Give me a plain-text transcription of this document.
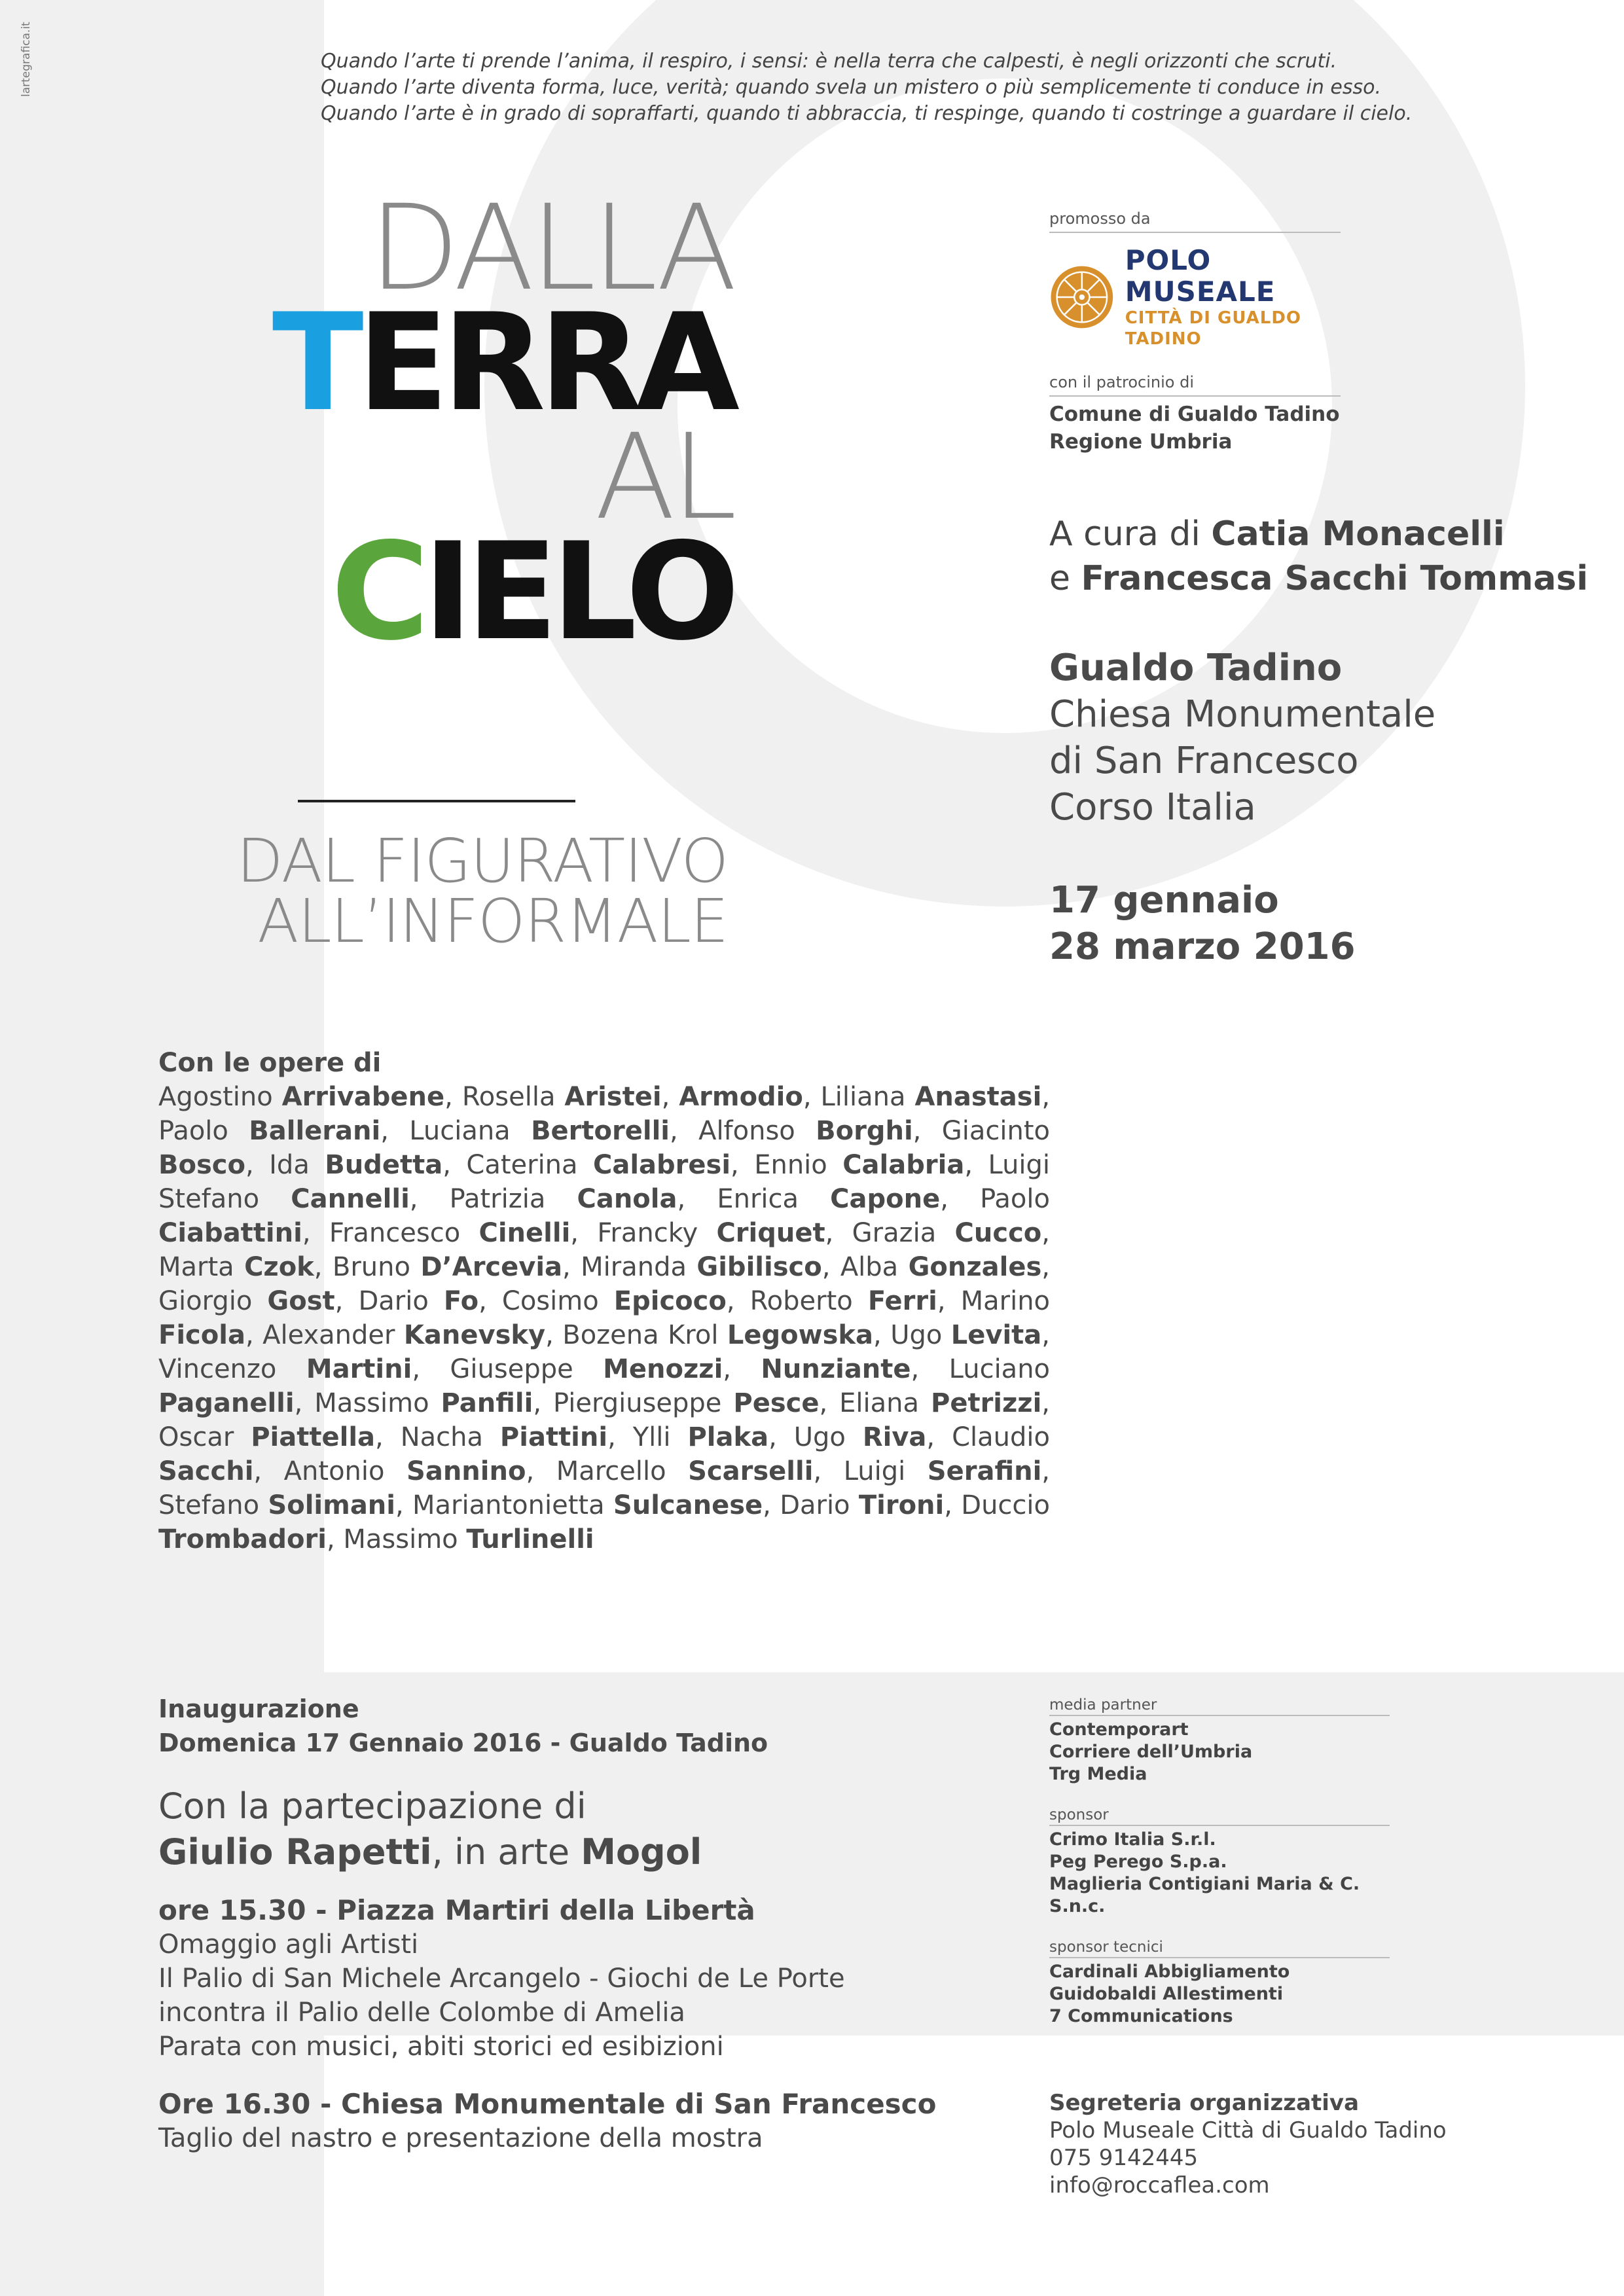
lartegrafica.it	Quando l’arte ti prende l’anima, il respiro, i sensi: è nella terra che calpesti, è negli orizzonti che scruti.
Quando l’arte diventa forma, luce, verità; quando svela un mistero o più semplicemente ti conduce in esso.
Quando l’arte è in grado di sopraffarti, quando ti abbraccia, ti respinge, quando ti costringe a guardare il cielo.
DALLA
TERRA
AL
CIELO
DAL FIGURATIVO
ALL’INFORMALE
promosso da
POLO MUSEALE
CITTÀ DI GUALDO TADINO
con il patrocinio di
Comune di Gualdo Tadino
Regione Umbria
A cura di Catia Monacelli
e Francesca Sacchi Tommasi
Gualdo Tadino
Chiesa Monumentale
di San Francesco
Corso Italia
17 gennaio
28 marzo 2016
Con le opere di
Agostino Arrivabene, Rosella Aristei, Armodio, Liliana Anastasi, Paolo Ballerani, Luciana Bertorelli, Alfonso Borghi, Giacinto Bosco, Ida Budetta, Caterina Calabresi, Ennio Calabria, Luigi Stefano Cannelli, Patrizia Canola, Enrica Capone, Paolo Ciabattini, Francesco Cinelli, Francky Criquet, Grazia Cucco, Marta Czok, Bruno D’Arcevia, Miranda Gibilisco, Alba Gonzales, Giorgio Gost, Dario Fo, Cosimo Epicoco, Roberto Ferri, Marino Ficola, Alexander Kanevsky, Bozena Krol Legowska, Ugo Levita, Vincenzo Martini, Giuseppe Menozzi, Nunziante, Luciano Paganelli, Massimo Panfili, Piergiuseppe Pesce, Eliana Petrizzi, Oscar Piattella, Nacha Piattini, Ylli Plaka, Ugo Riva, Claudio Sacchi, Antonio Sannino, Marcello Scarselli, Luigi Serafini, Stefano Solimani, Mariantonietta Sulcanese, Dario Tironi, Duccio Trombadori, Massimo Turlinelli
Inaugurazione
Domenica 17 Gennaio 2016 - Gualdo Tadino
Con la partecipazione di
Giulio Rapetti, in arte Mogol
ore 15.30 - Piazza Martiri della Libertà
Omaggio agli Artisti
Il Palio di San Michele Arcangelo - Giochi de Le Porte
incontra il Palio delle Colombe di Amelia
Parata con musici, abiti storici ed esibizioni
Ore 16.30 - Chiesa Monumentale di San Francesco
Taglio del nastro e presentazione della mostra
media partner
Contemporart
Corriere dell’Umbria
Trg Media
sponsor
Crimo Italia S.r.l.
Peg Perego S.p.a.
Maglieria Contigiani Maria & C. S.n.c.
sponsor tecnici
Cardinali Abbigliamento
Guidobaldi Allestimenti
7 Communications
Segreteria organizzativa
Polo Museale Città di Gualdo Tadino
075 9142445
info@roccaflea.com
